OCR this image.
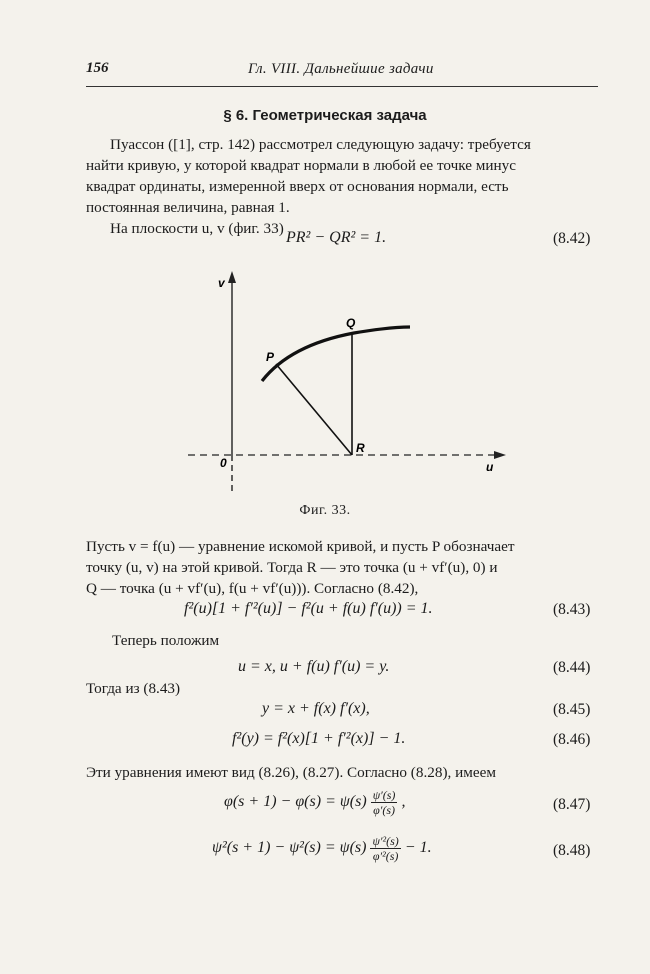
156	Гл. VIII. Дальнейшие задачи
§ 6. Геометрическая задача
Пуассон ([1], стр. 142) рассмотрел следующую задачу: требуется
найти кривую, у которой квадрат нормали в любой ее точке минус
квадрат ординаты, измеренной вверх от основания нормали, есть
постоянная величина, равная 1.
На плоскости u, v (фиг. 33)
PR² − QR² = 1.	(8.42)
v
u
0
P
Q
R
Фиг. 33.
Пусть v = f(u) — уравнение искомой кривой, и пусть P обозначает
точку (u, v) на этой кривой. Тогда R — это точка (u + vf′(u), 0) и
Q — точка (u + vf′(u), f(u + vf′(u))). Согласно (8.42),
f²(u)[1 + f′²(u)] − f²(u + f(u) f′(u)) = 1.	(8.43)
Теперь положим
u = x, u + f(u) f′(u) = y.	(8.44)
Тогда из (8.43)
y = x + f(x) f′(x),	(8.45)
f²(y) = f²(x)[1 + f′²(x)] − 1.	(8.46)
Эти уравнения имеют вид (8.26), (8.27). Согласно (8.28), имеем
$\varphi(s + 1) - \varphi(s) = \psi(s) \frac{\psi'(s)}{\varphi'(s)}$ ,	(8.47)
$\psi^2(s + 1) - \psi^2(s) = \psi(s) \frac{\text{ψ′²(s)}}{\text{φ′²(s)}} - 1$.	(8.48)
